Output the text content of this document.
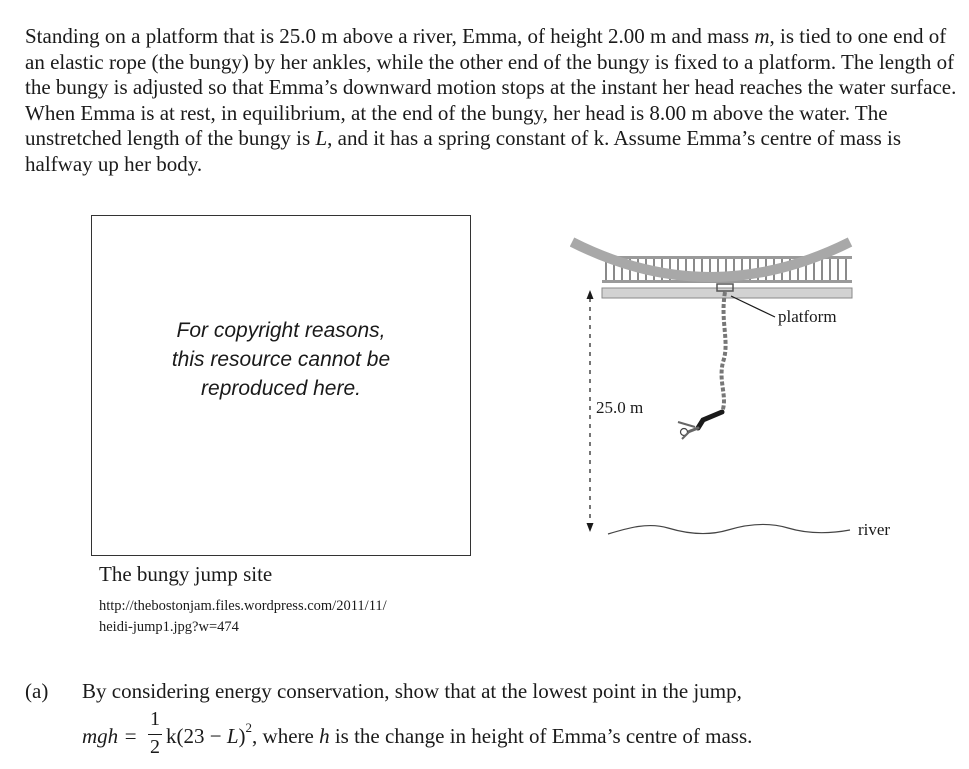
Standing on a platform that is 25.0 m above a river, Emma, of height 2.00 m and mass m, is tied to one end of an elastic rope (the bungy) by her ankles, while the other end of the bungy is fixed to a platform. The length of the bungy is adjusted so that Emma’s downward motion stops at the instant her head reaches the water surface. When Emma is at rest, in equilibrium, at the end of the bungy, her head is 8.00 m above the water. The unstretched length of the bungy is L, and it has a spring constant of k. Assume Emma’s centre of mass is halfway up her body.

For copyright reasons,
this resource cannot be
reproduced here.

The bungy jump site

http://thebostonjam.files.wordpress.com/2011/11/
heidi-jump1.jpg?w=474

platform
25.0 m
river

(a) By considering energy conservation, show that at the lowest point in the jump,

mgh =
1
2 $k(23 - L)^2$, where h is the change in height of Emma’s centre of mass.
